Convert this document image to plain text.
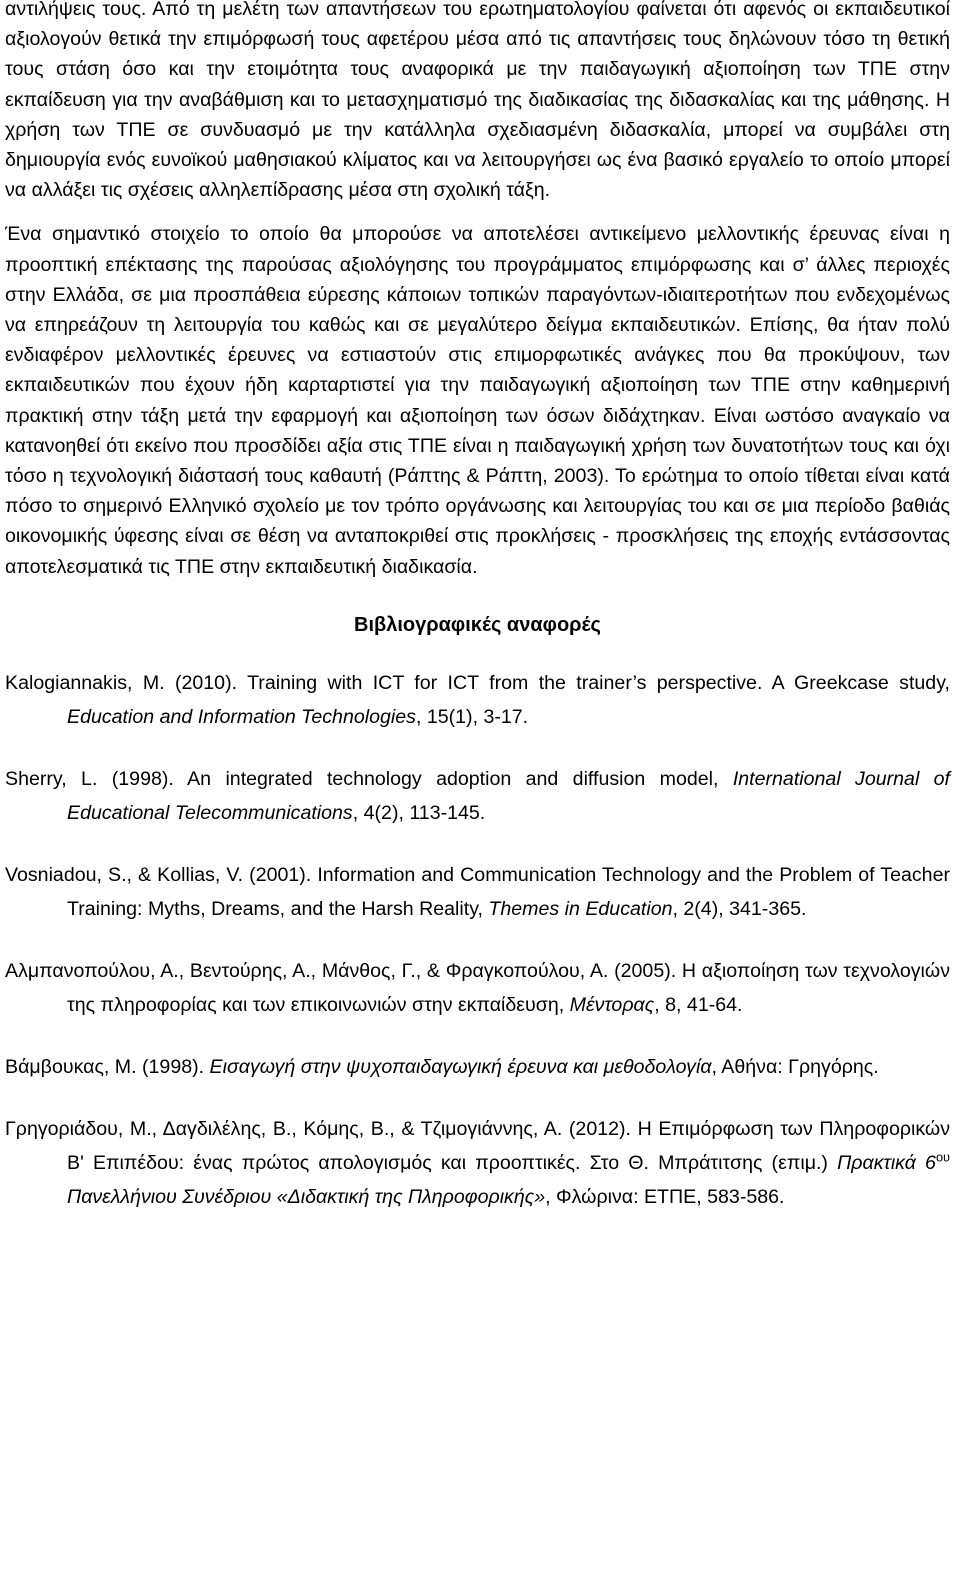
αντιλήψεις τους. Από τη μελέτη των απαντήσεων του ερωτηματολογίου φαίνεται ότι αφενός οι εκπαιδευτικοί αξιολογούν θετικά την επιμόρφωσή τους αφετέρου μέσα από τις απαντήσεις τους δηλώνουν τόσο τη θετική τους στάση όσο και την ετοιμότητα τους αναφορικά με την παιδαγωγική αξιοποίηση των ΤΠΕ στην εκπαίδευση για την αναβάθμιση και το μετασχηματισμό της διαδικασίας της διδασκαλίας και της μάθησης. Η χρήση των ΤΠΕ σε συνδυασμό με την κατάλληλα σχεδιασμένη διδασκαλία, μπορεί να συμβάλει στη δημιουργία ενός ευνοϊκού μαθησιακού κλίματος και να λειτουργήσει ως ένα βασικό εργαλείο το οποίο μπορεί να αλλάξει τις σχέσεις αλληλεπίδρασης μέσα στη σχολική τάξη.

Ένα σημαντικό στοιχείο το οποίο θα μπορούσε να αποτελέσει αντικείμενο μελλοντικής έρευνας είναι η προοπτική επέκτασης της παρούσας αξιολόγησης του προγράμματος επιμόρφωσης και σ’ άλλες περιοχές στην Ελλάδα, σε μια προσπάθεια εύρεσης κάποιων τοπικών παραγόντων-ιδιαιτεροτήτων που ενδεχομένως να επηρεάζουν τη λειτουργία του καθώς και σε μεγαλύτερο δείγμα εκπαιδευτικών. Επίσης, θα ήταν πολύ ενδιαφέρον μελλοντικές έρευνες να εστιαστούν στις επιμορφωτικές ανάγκες που θα προκύψουν, των εκπαιδευτικών που έχουν ήδη καρταρτιστεί για την παιδαγωγική αξιοποίηση των ΤΠΕ στην καθημερινή πρακτική στην τάξη μετά την εφαρμογή και αξιοποίηση των όσων διδάχτηκαν. Είναι ωστόσο αναγκαίο να κατανοηθεί ότι εκείνο που προσδίδει αξία στις ΤΠΕ είναι η παιδαγωγική χρήση των δυνατοτήτων τους και όχι τόσο η τεχνολογική διάστασή τους καθαυτή (Ράπτης & Ράπτη, 2003). Το ερώτημα το οποίο τίθεται είναι κατά πόσο το σημερινό Ελληνικό σχολείο με τον τρόπο οργάνωσης και λειτουργίας του και σε μια περίοδο βαθιάς οικονομικής ύφεσης είναι σε θέση να ανταποκριθεί στις προκλήσεις - προσκλήσεις της εποχής εντάσσοντας αποτελεσματικά τις ΤΠΕ στην εκπαιδευτική διαδικασία.

Βιβλιογραφικές αναφορές

Kalogiannakis, M. (2010). Training with ICT for ICT from the trainer’s perspective. A Greekcase study, Education and Information Technologies, 15(1), 3-17.

Sherry, L. (1998). An integrated technology adoption and diffusion model, International Journal of Educational Telecommunications, 4(2), 113-145.

Vosniadou, S., & Kollias, V. (2001). Information and Communication Technology and the Problem of Teacher Training: Myths, Dreams, and the Harsh Reality, Themes in Education, 2(4), 341-365.

Αλμπανοπούλου, Α., Βεντούρης, Α., Μάνθος, Γ., & Φραγκοπούλου, Α. (2005). Η αξιοποίηση των τεχνολογιών της πληροφορίας και των επικοινωνιών στην εκπαίδευση, Μέντορας, 8, 41-64.

Βάμβουκας, Μ. (1998). Εισαγωγή στην ψυχοπαιδαγωγική έρευνα και μεθοδολογία, Αθήνα: Γρηγόρης.

Γρηγοριάδου, Μ., Δαγδιλέλης, Β., Κόμης, Β., & Τζιμογιάννης, Α. (2012). Η Επιμόρφωση των Πληροφορικών Β' Επιπέδου: ένας πρώτος απολογισμός και προοπτικές. Στο Θ. Μπράτιτσης (επιμ.) Πρακτικά $6^{o\upsilon}$ Πανελλήνιου Συνέδριου «Διδακτική της Πληροφορικής», Φλώρινα: ΕΤΠΕ, 583-586.
